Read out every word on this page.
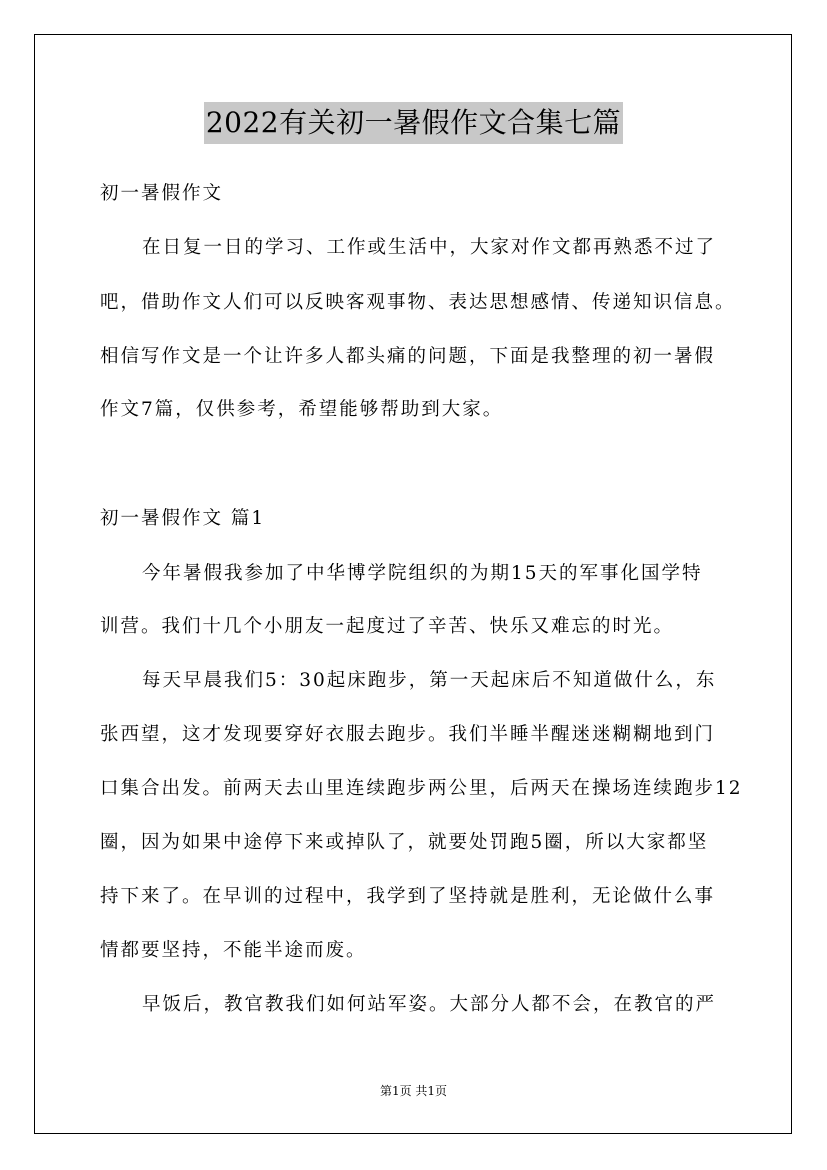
2022有关初一暑假作文合集七篇
初一暑假作文
在日复一日的学习、工作或生活中，大家对作文都再熟悉不过了
吧，借助作文人们可以反映客观事物、表达思想感情、传递知识信息。
相信写作文是一个让许多人都头痛的问题，下面是我整理的初一暑假
作文7篇，仅供参考，希望能够帮助到大家。
初一暑假作文 篇1
今年暑假我参加了中华博学院组织的为期15天的军事化国学特
训营。我们十几个小朋友一起度过了辛苦、快乐又难忘的时光。
每天早晨我们5：30起床跑步，第一天起床后不知道做什么，东
张西望，这才发现要穿好衣服去跑步。我们半睡半醒迷迷糊糊地到门
口集合出发。前两天去山里连续跑步两公里，后两天在操场连续跑步12
圈，因为如果中途停下来或掉队了，就要处罚跑5圈，所以大家都坚
持下来了。在早训的过程中，我学到了坚持就是胜利，无论做什么事
情都要坚持，不能半途而废。
早饭后，教官教我们如何站军姿。大部分人都不会，在教官的严
第1页 共1页
